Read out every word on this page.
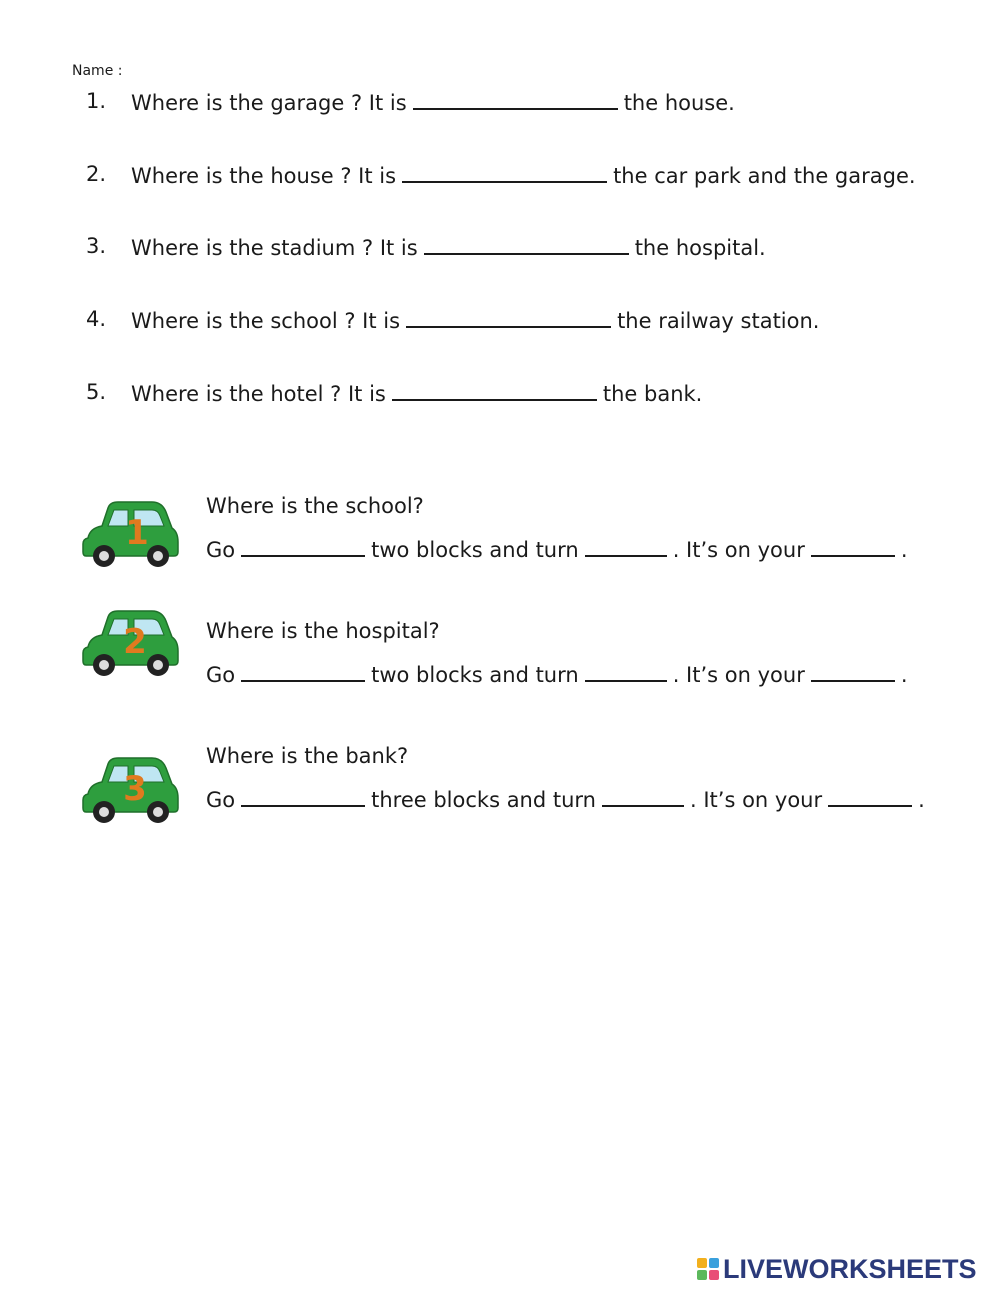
Name :
1. Where is the garage ? It is	the house.
2. Where is the house ? It is	the car park and the garage.
3. Where is the stadium ? It is	the hospital.
4. Where is the school ? It is	the railway station.
5. Where is the hotel ? It is	the bank.
1
Where is the school?
Go	two blocks and turn	. It’s on your	.
2	Where is the hospital?
Go	two blocks and turn	. It’s on your	.
3
Where is the bank?
Go	three blocks and turn	. It’s on your	.
LIVEWORKSHEETS
